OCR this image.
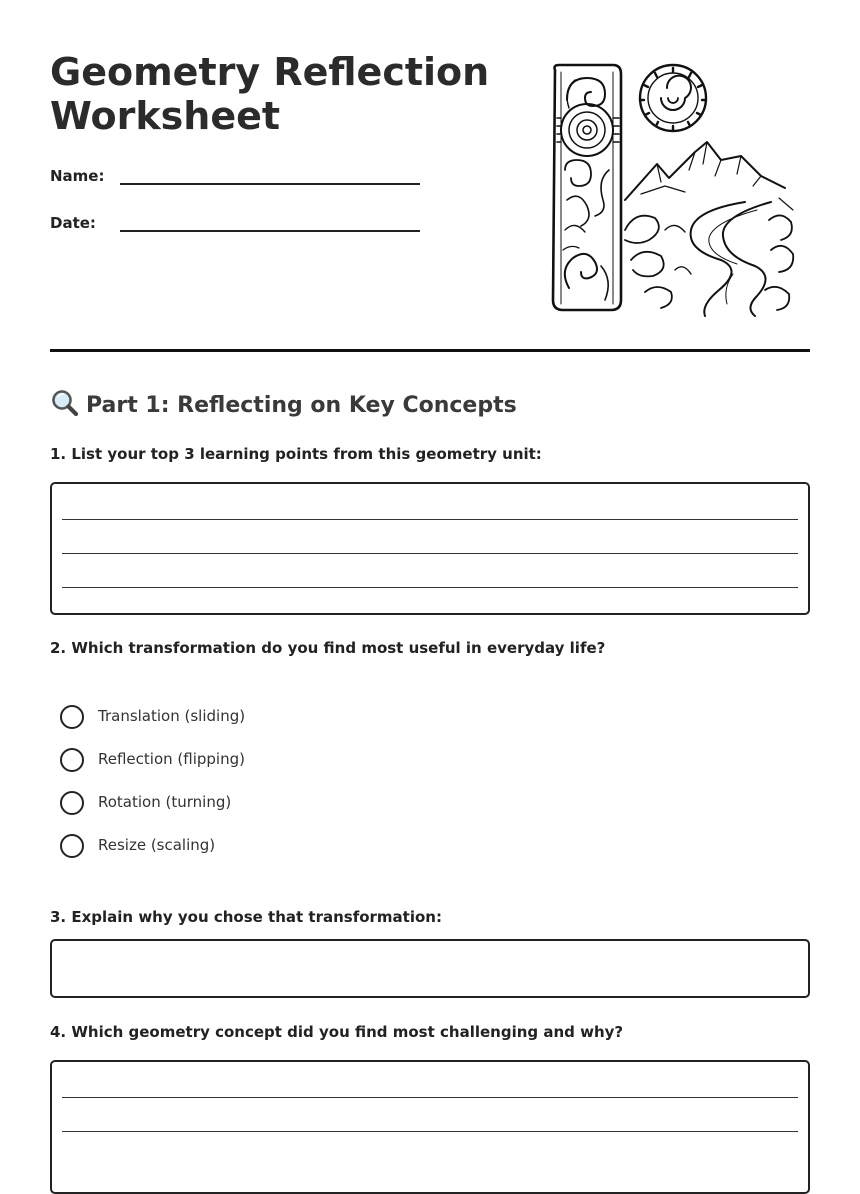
Geometry Reflection Worksheet
Name:
Date:
Part 1: Reflecting on Key Concepts
1. List your top 3 learning points from this geometry unit:
2. Which transformation do you find most useful in everyday life?
Translation (sliding)
Reflection (flipping)
Rotation (turning)
Resize (scaling)
3. Explain why you chose that transformation:
4. Which geometry concept did you find most challenging and why?
